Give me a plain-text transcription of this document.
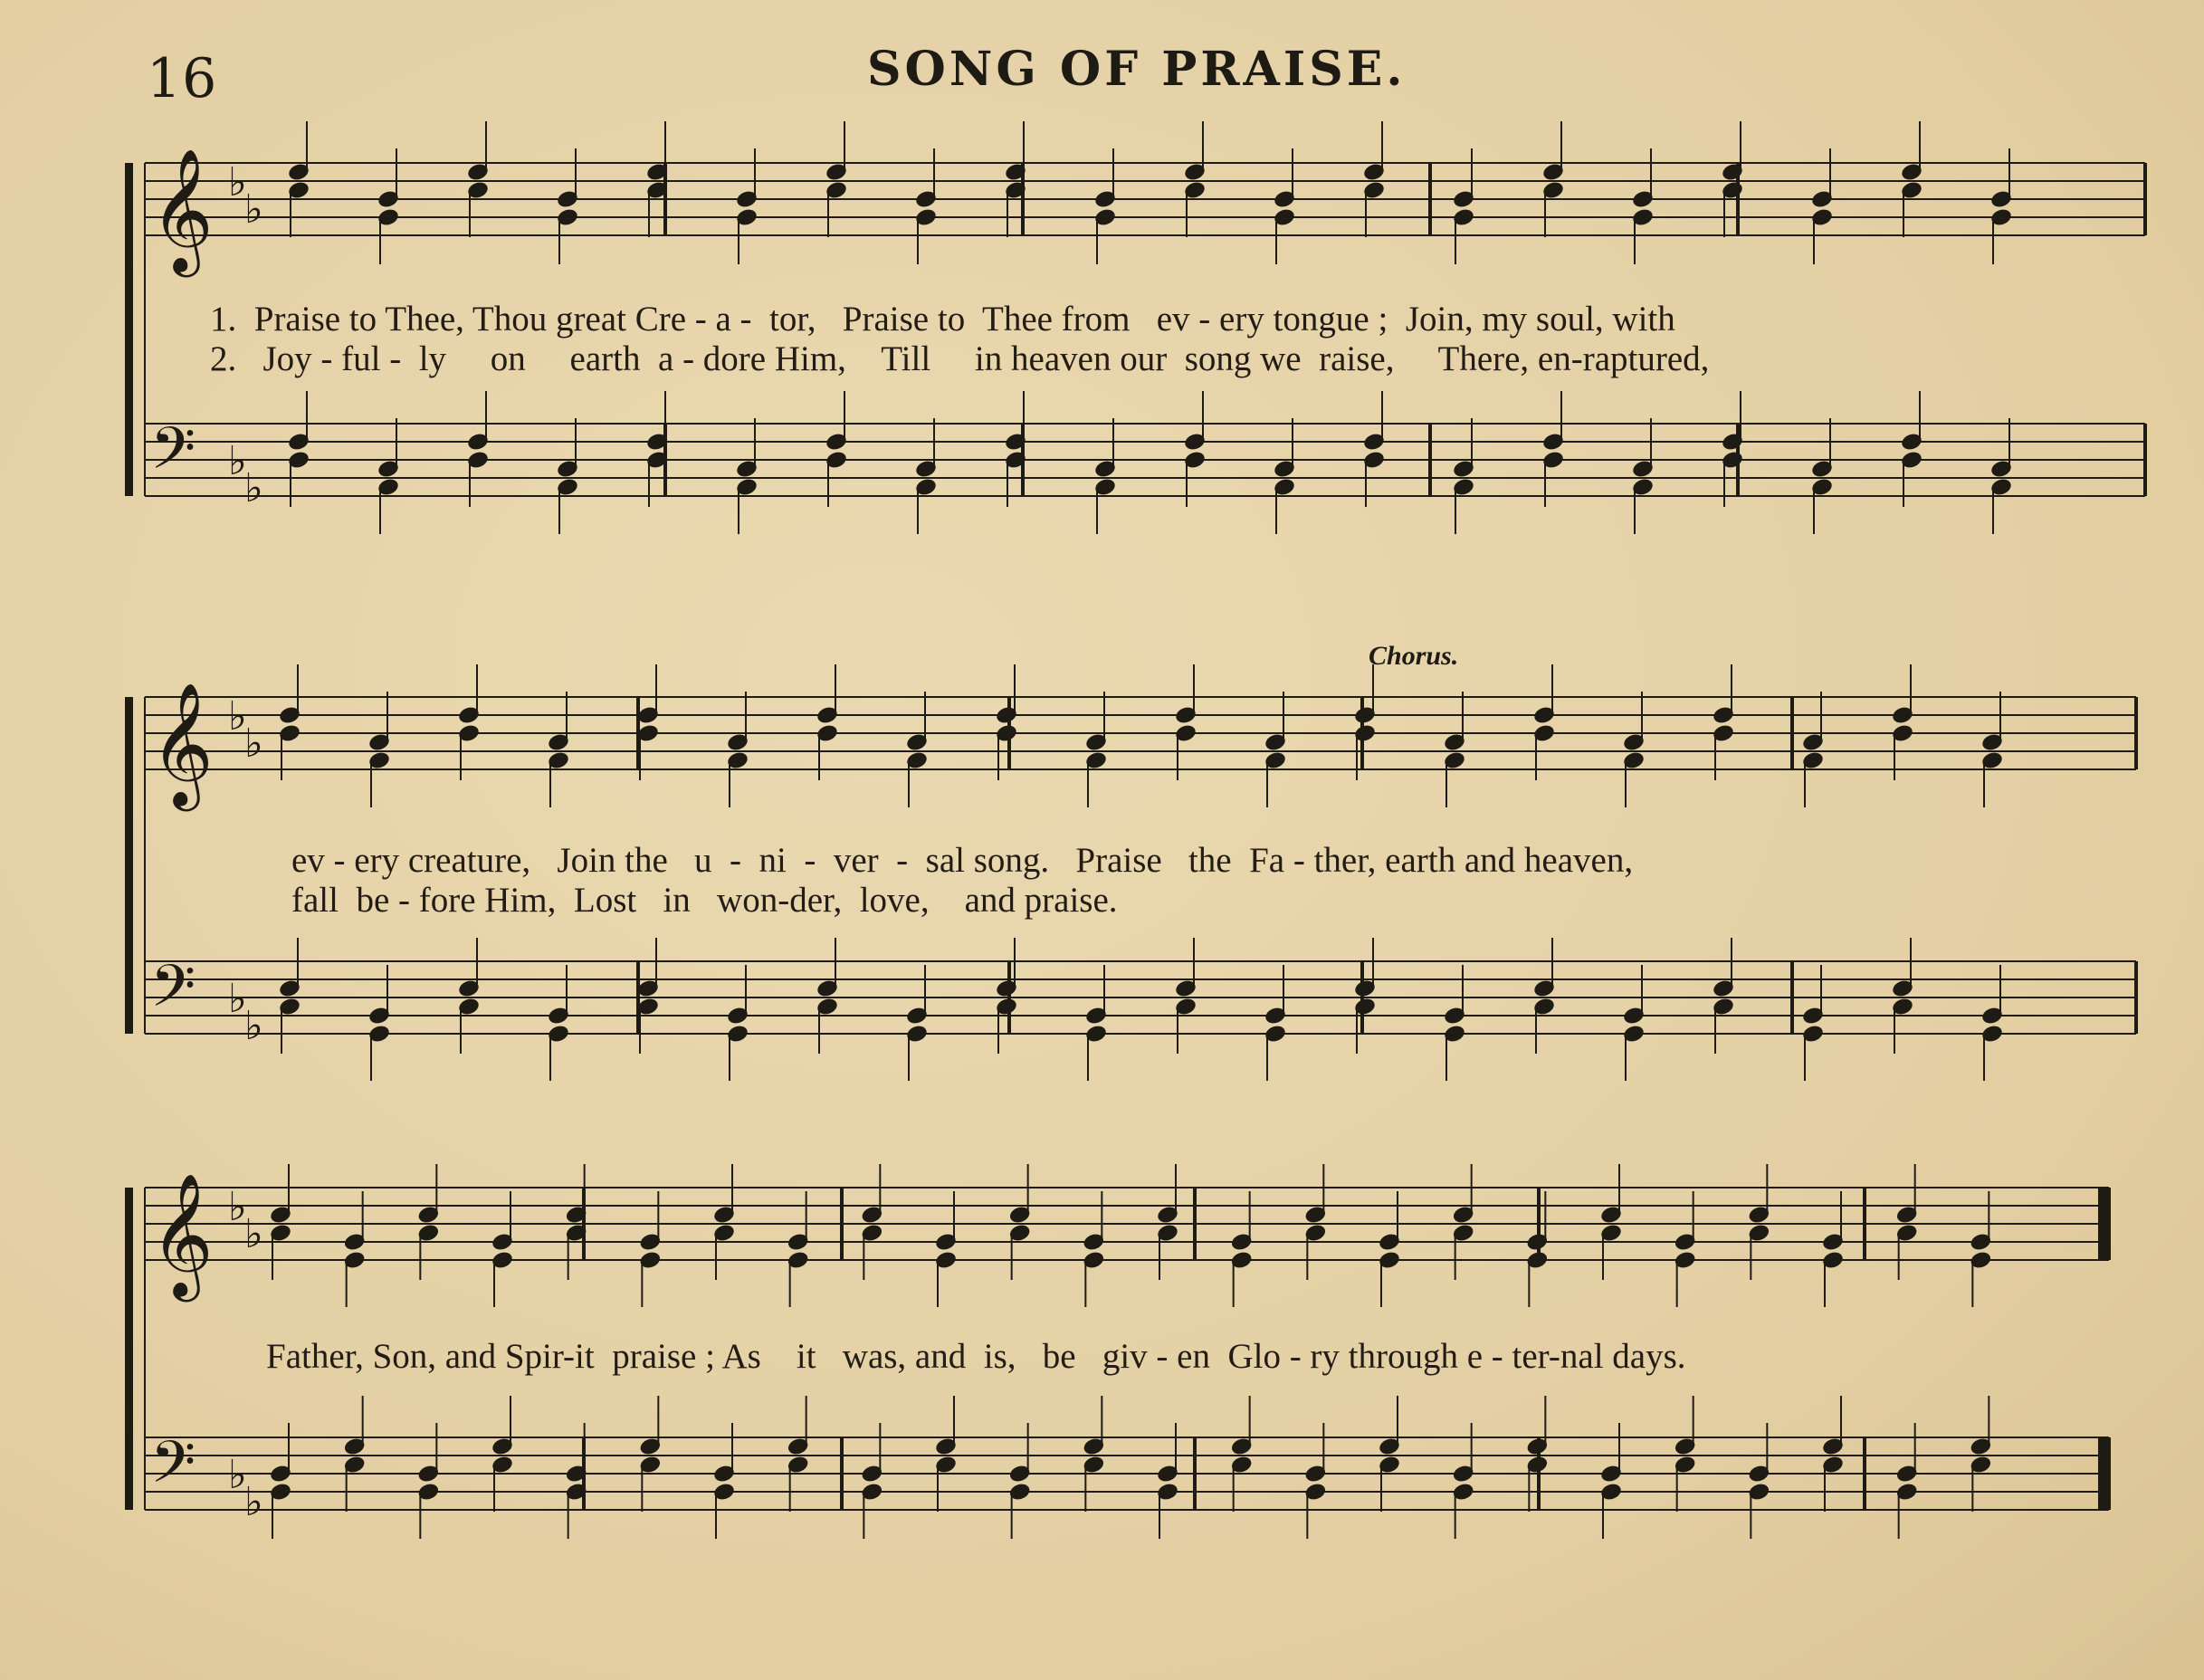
16	SONG OF PRAISE.
𝄞 ♭
♭
𝄢 ♭
♭
𝄞 ♭
♭
𝄢 ♭
♭
𝄞 ♭
♭
𝄢 ♭
♭
1.  Praise to Thee, Thou great Cre - a -  tor,   Praise to  Thee from   ev - ery tongue ;  Join, my soul, with
2.   Joy - ful -  ly     on     earth  a - dore Him,    Till     in heaven our  song we  raise,     There, en-raptured,
Chorus.
ev - ery creature,   Join the   u  -  ni  -  ver  -  sal song.   Praise   the  Fa - ther, earth and heaven,
fall  be - fore Him,  Lost   in   won-der,  love,    and praise.
Father, Son, and Spir-it  praise ; As    it   was, and  is,   be   giv - en  Glo - ry through e - ter-nal days.
